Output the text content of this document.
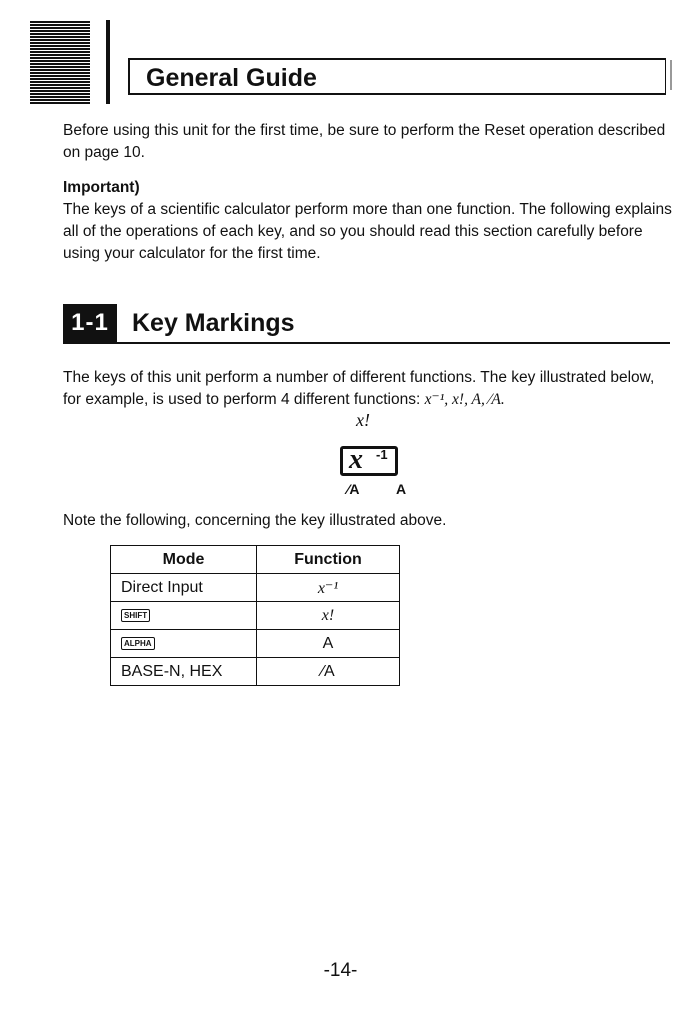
General Guide

Before using this unit for the first time, be sure to perform the Reset operation described on page 10.

Important)

The keys of a scientific calculator perform more than one function. The following explains all of the operations of each key, and so you should read this section carefully before using your calculator for the first time.

1-1 Key Markings

The keys of this unit perform a number of different functions. The key illustrated below, for example, is used to perform 4 different functions: x⁻¹, x!, A, ⁄A.

x!
x -1
⁄A	A

Note the following, concerning the key illustrated above.

Mode	Function
Direct Input	x⁻¹
SHIFT	x!
ALPHA	A
BASE-N, HEX	⁄A
-14-
